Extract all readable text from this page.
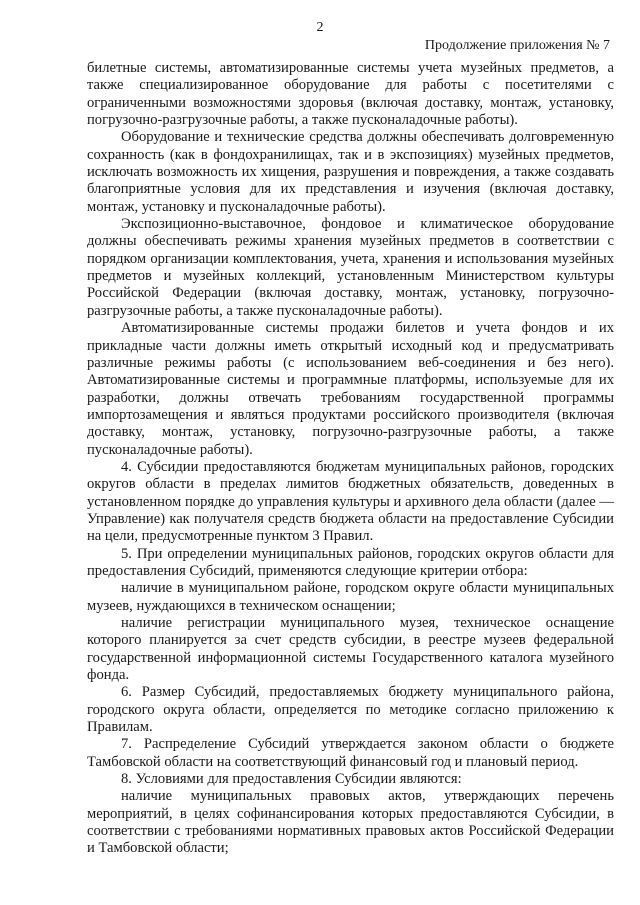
2
Продолжение приложения № 7

билетные системы, автоматизированные системы учета музейных предметов, а также специализированное оборудование для работы с посетителями с ограниченными возможностями здоровья (включая доставку, монтаж, установку, погрузочно-разгрузочные работы, а также пусконаладочные работы).

Оборудование и технические средства должны обеспечивать долговременную сохранность (как в фондохранилищах, так и в экспозициях) музейных предметов, исключать возможность их хищения, разрушения и повреждения, а также создавать благоприятные условия для их представления и изучения (включая доставку, монтаж, установку и пусконаладочные работы).

Экспозиционно-выставочное, фондовое и климатическое оборудование должны обеспечивать режимы хранения музейных предметов в соответствии с порядком организации комплектования, учета, хранения и использования музейных предметов и музейных коллекций, установленным Министерством культуры Российской Федерации (включая доставку, монтаж, установку, погрузочно-разгрузочные работы, а также пусконаладочные работы).

Автоматизированные системы продажи билетов и учета фондов и их прикладные части должны иметь открытый исходный код и предусматривать различные режимы работы (с использованием веб-соединения и без него). Автоматизированные системы и программные платформы, используемые для их разработки, должны отвечать требованиям государственной программы импортозамещения и являться продуктами российского производителя (включая доставку, монтаж, установку, погрузочно-разгрузочные работы, а также пусконаладочные работы).

4. Субсидии предоставляются бюджетам муниципальных районов, городских округов области в пределах лимитов бюджетных обязательств, доведенных в установленном порядке до управления культуры и архивного дела области (далее — Управление) как получателя средств бюджета области на предоставление Субсидии на цели, предусмотренные пунктом 3 Правил.

5. При определении муниципальных районов, городских округов области для предоставления Субсидий, применяются следующие критерии отбора:

наличие в муниципальном районе, городском округе области муниципальных музеев, нуждающихся в техническом оснащении;

наличие регистрации муниципального музея, техническое оснащение которого планируется за счет средств субсидии, в реестре музеев федеральной государственной информационной системы Государственного каталога музейного фонда.

6. Размер Субсидий, предоставляемых бюджету муниципального района, городского округа области, определяется по методике согласно приложению к Правилам.

7. Распределение Субсидий утверждается законом области о бюджете Тамбовской области на соответствующий финансовый год и плановый период.

8. Условиями для предоставления Субсидии являются:

наличие муниципальных правовых актов, утверждающих перечень мероприятий, в целях софинансирования которых предоставляются Субсидии, в соответствии с требованиями нормативных правовых актов Российской Федерации и Тамбовской области;
